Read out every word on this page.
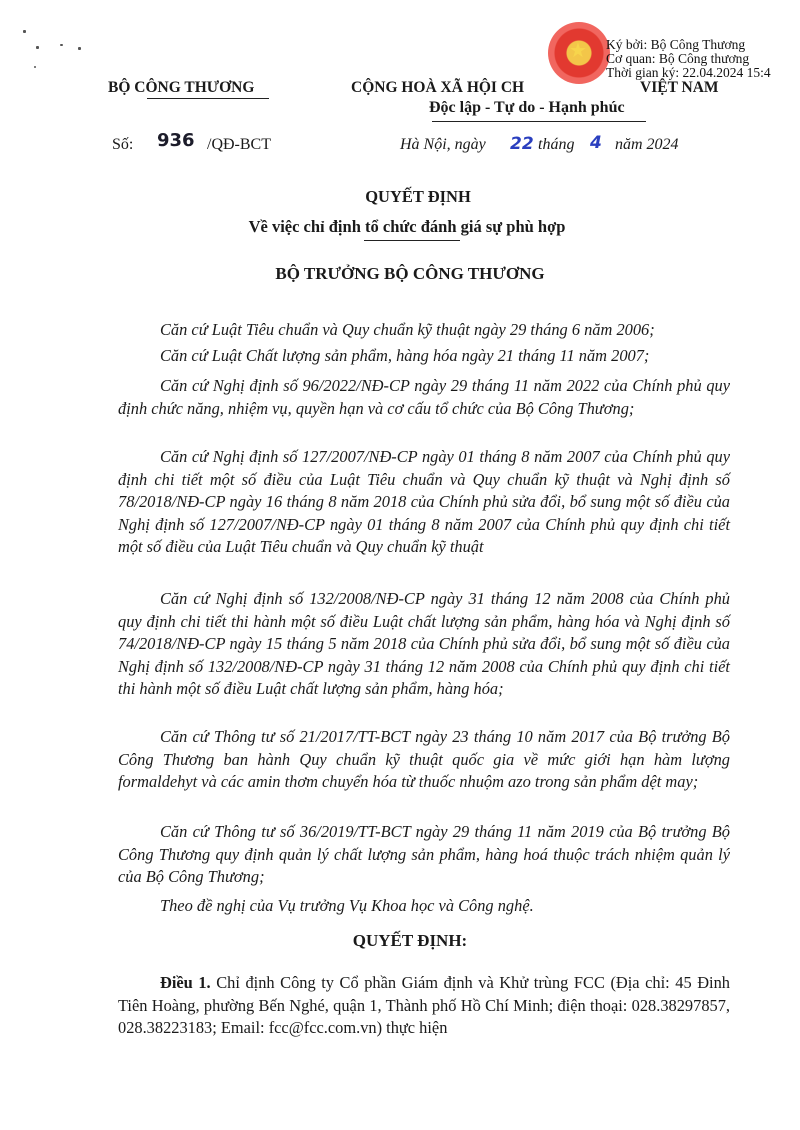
BỘ CÔNG THƯƠNG	CỘNG HOÀ XÃ HỘI CH	VIỆT NAM
Độc lập - Tự do - Hạnh phúc
Số: 936 /QĐ-BCT	Hà Nội, ngày 22 tháng 4 năm 2024
★ Ký bởi: Bộ Công Thương
Cơ quan: Bộ Công thương
Thời gian ký: 22.04.2024 15:4
QUYẾT ĐỊNH
Về việc chỉ định tổ chức đánh giá sự phù hợp
BỘ TRƯỞNG BỘ CÔNG THƯƠNG
Căn cứ Luật Tiêu chuẩn và Quy chuẩn kỹ thuật ngày 29 tháng 6 năm 2006;
Căn cứ Luật Chất lượng sản phẩm, hàng hóa ngày 21 tháng 11 năm 2007;
Căn cứ Nghị định số 96/2022/NĐ-CP ngày 29 tháng 11 năm 2022 của Chính phủ quy định chức năng, nhiệm vụ, quyền hạn và cơ cấu tổ chức của Bộ Công Thương;
Căn cứ Nghị định số 127/2007/NĐ-CP ngày 01 tháng 8 năm 2007 của Chính phủ quy định chi tiết một số điều của Luật Tiêu chuẩn và Quy chuẩn kỹ thuật và Nghị định số 78/2018/NĐ-CP ngày 16 tháng 8 năm 2018 của Chính phủ sửa đổi, bổ sung một số điều của Nghị định số 127/2007/NĐ-CP ngày 01 tháng 8 năm 2007 của Chính phủ quy định chi tiết một số điều của Luật Tiêu chuẩn và Quy chuẩn kỹ thuật
Căn cứ Nghị định số 132/2008/NĐ-CP ngày 31 tháng 12 năm 2008 của Chính phủ quy định chi tiết thi hành một số điều Luật chất lượng sản phẩm, hàng hóa và Nghị định số 74/2018/NĐ-CP ngày 15 tháng 5 năm 2018 của Chính phủ sửa đổi, bổ sung một số điều của Nghị định số 132/2008/NĐ-CP ngày 31 tháng 12 năm 2008 của Chính phủ quy định chi tiết thi hành một số điều Luật chất lượng sản phẩm, hàng hóa;
Căn cứ Thông tư số 21/2017/TT-BCT ngày 23 tháng 10 năm 2017 của Bộ trưởng Bộ Công Thương ban hành Quy chuẩn kỹ thuật quốc gia về mức giới hạn hàm lượng formaldehyt và các amin thơm chuyển hóa từ thuốc nhuộm azo trong sản phẩm dệt may;
Căn cứ Thông tư số 36/2019/TT-BCT ngày 29 tháng 11 năm 2019 của Bộ trưởng Bộ Công Thương quy định quản lý chất lượng sản phẩm, hàng hoá thuộc trách nhiệm quản lý của Bộ Công Thương;
Theo đề nghị của Vụ trưởng Vụ Khoa học và Công nghệ.
QUYẾT ĐỊNH:
Điều 1. Chỉ định Công ty Cổ phần Giám định và Khử trùng FCC (Địa chỉ: 45 Đinh Tiên Hoàng, phường Bến Nghé, quận 1, Thành phố Hồ Chí Minh; điện thoại: 028.38297857, 028.38223183; Email: fcc@fcc.com.vn) thực hiện
